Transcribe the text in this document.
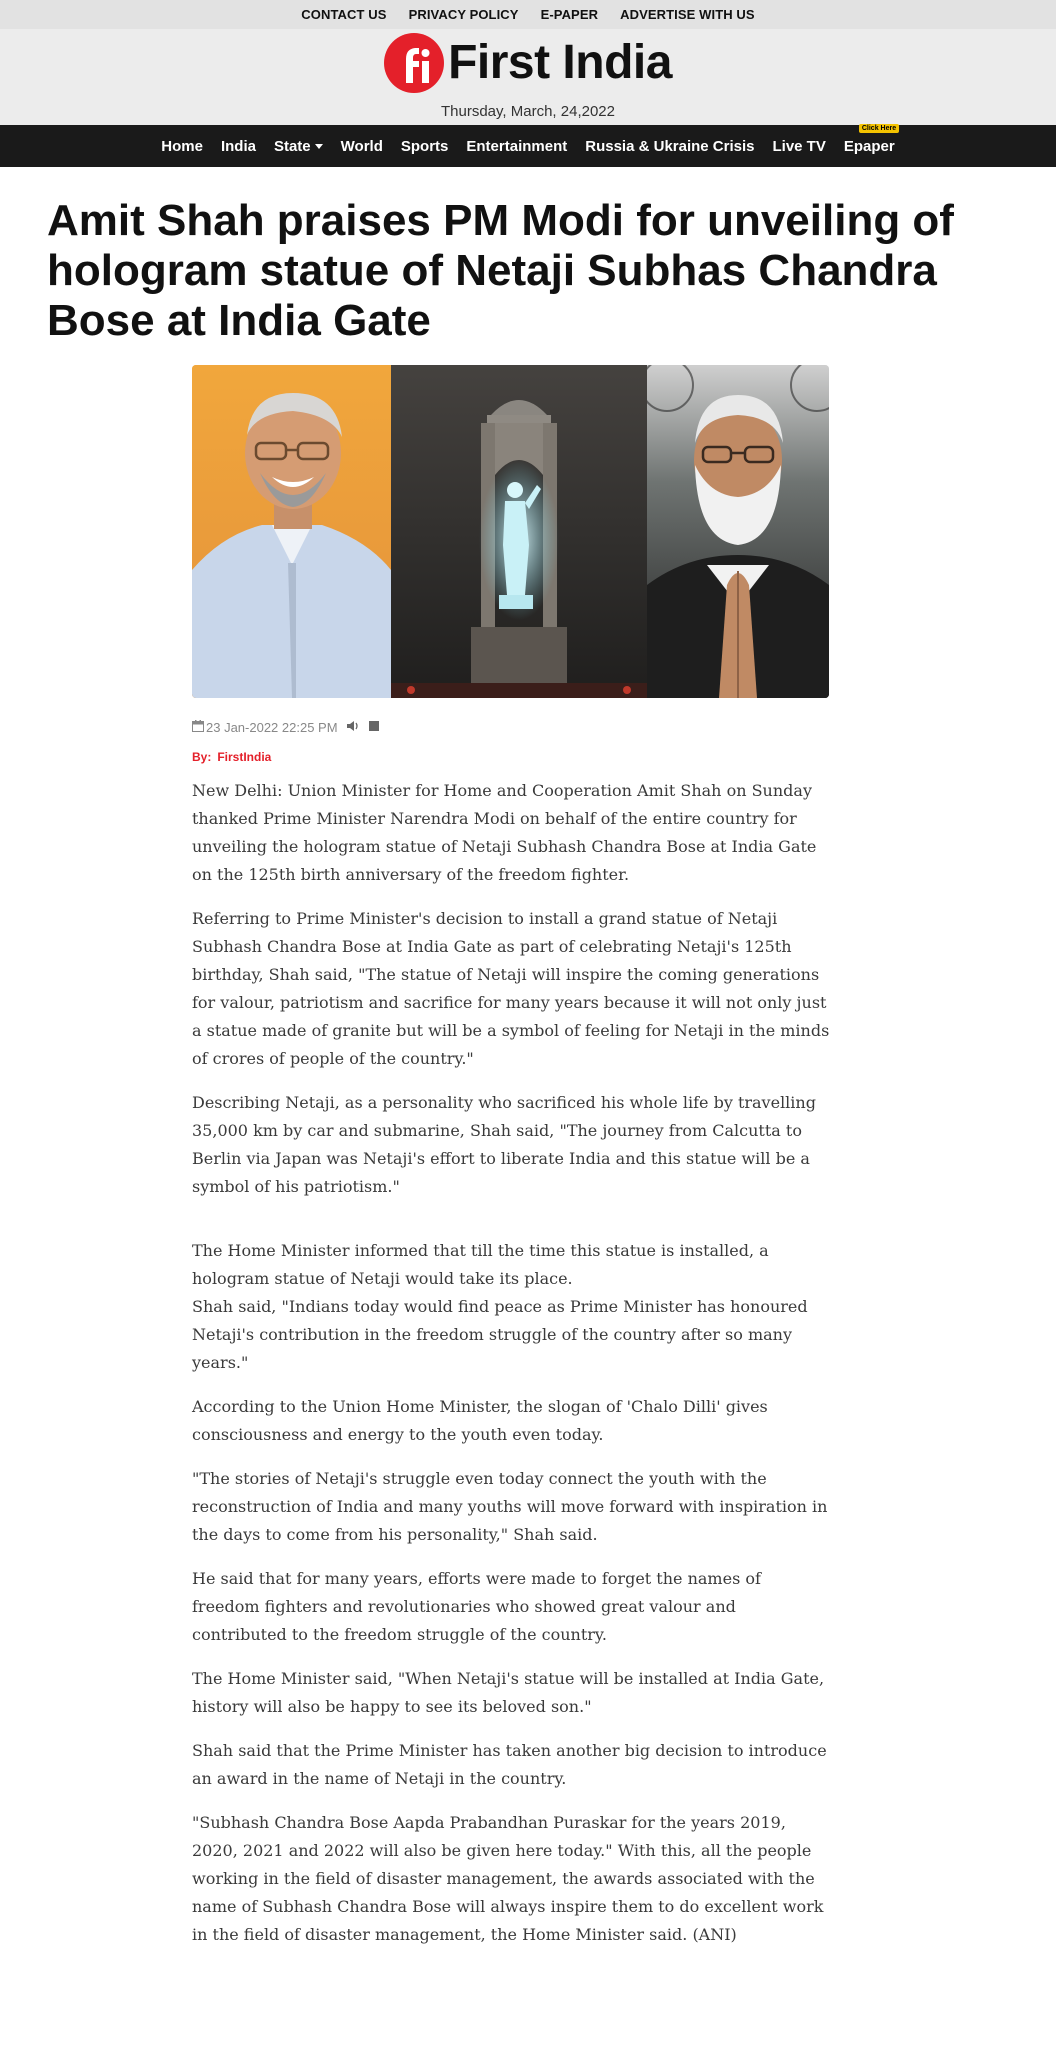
CONTACT US PRIVACY POLICY E-PAPER ADVERTISE WITH US
First India
Thursday, March, 24,2022
Home India State	World Sports Entertainment Russia & Ukraine Crisis Live TV
Click Here
Epaper
Amit Shah praises PM Modi for unveiling of hologram statue of Netaji Subhas Chandra Bose at India Gate
23 Jan-2022 22:25 PM
By: FirstIndia

New Delhi: Union Minister for Home and Cooperation Amit Shah on Sunday thanked Prime Minister Narendra Modi on behalf of the entire country for unveiling the hologram statue of Netaji Subhash Chandra Bose at India Gate on the 125th birth anniversary of the freedom fighter.

Referring to Prime Minister's decision to install a grand statue of Netaji Subhash Chandra Bose at India Gate as part of celebrating Netaji's 125th birthday, Shah said, "The statue of Netaji will inspire the coming generations for valour, patriotism and sacrifice for many years because it will not only just a statue made of granite but will be a symbol of feeling for Netaji in the minds of crores of people of the country."

Describing Netaji, as a personality who sacrificed his whole life by travelling 35,000 km by car and submarine, Shah said, "The journey from Calcutta to Berlin via Japan was Netaji's effort to liberate India and this statue will be a symbol of his patriotism."

The Home Minister informed that till the time this statue is installed, a hologram statue of Netaji would take its place.

Shah said, "Indians today would find peace as Prime Minister has honoured Netaji's contribution in the freedom struggle of the country after so many years."

According to the Union Home Minister, the slogan of 'Chalo Dilli' gives consciousness and energy to the youth even today.

"The stories of Netaji's struggle even today connect the youth with the reconstruction of India and many youths will move forward with inspiration in the days to come from his personality," Shah said.

He said that for many years, efforts were made to forget the names of freedom fighters and revolutionaries who showed great valour and contributed to the freedom struggle of the country.

The Home Minister said, "When Netaji's statue will be installed at India Gate, history will also be happy to see its beloved son."

Shah said that the Prime Minister has taken another big decision to introduce an award in the name of Netaji in the country.

"Subhash Chandra Bose Aapda Prabandhan Puraskar for the years 2019, 2020, 2021 and 2022 will also be given here today." With this, all the people working in the field of disaster management, the awards associated with the name of Subhash Chandra Bose will always inspire them to do excellent work in the field of disaster management, the Home Minister said. (ANI)
